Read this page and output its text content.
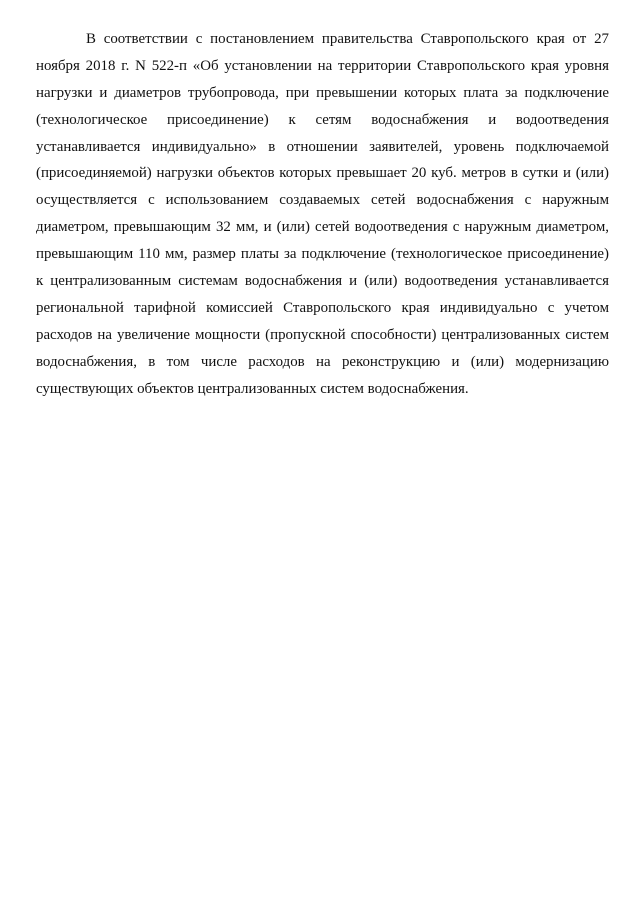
В соответствии с постановлением правительства Ставропольского края от 27
ноября 2018 г. N 522-п «Об установлении на территории Ставропольского края уровня
нагрузки и диаметров трубопровода, при превышении которых плата за подключение
(технологическое присоединение) к сетям водоснабжения и водоотведения
устанавливается индивидуально» в отношении заявителей, уровень подключаемой
(присоединяемой) нагрузки объектов которых превышает 20 куб. метров в сутки и (или)
осуществляется с использованием создаваемых сетей водоснабжения с наружным
диаметром, превышающим 32 мм, и (или) сетей водоотведения с наружным диаметром,
превышающим 110 мм, размер платы за подключение (технологическое присоединение)
к централизованным системам водоснабжения и (или) водоотведения устанавливается
региональной тарифной комиссией Ставропольского края индивидуально с учетом
расходов на увеличение мощности (пропускной способности) централизованных систем
водоснабжения, в том числе расходов на реконструкцию и (или) модернизацию
существующих объектов централизованных систем водоснабжения.
